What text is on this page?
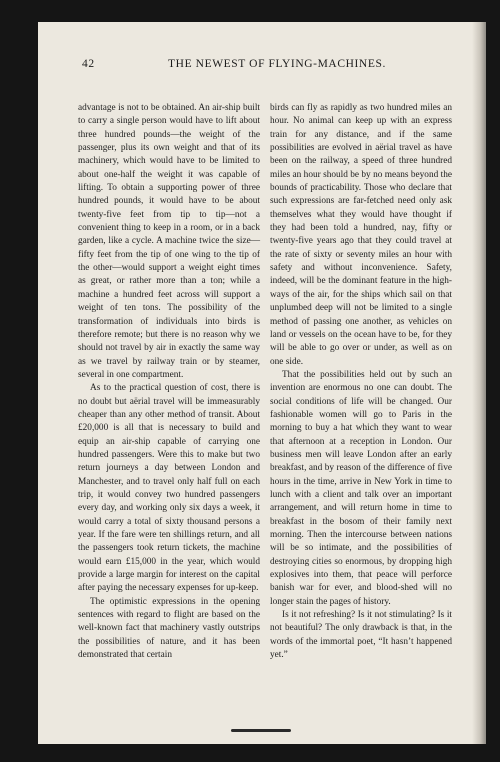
42	THE NEWEST OF FLYING-MACHINES.

advantage is not to be obtained. An air-ship built to carry a single person would have to lift about three hundred pounds—the weight of the passenger, plus its own weight and that of its machinery, which would have to be limited to about one-half the weight it was capable of lifting. To obtain a supporting power of three hundred pounds, it would have to be about twenty-five feet from tip to tip—not a convenient thing to keep in a room, or in a back garden, like a cycle. A machine twice the size—fifty feet from the tip of one wing to the tip of the other—would support a weight eight times as great, or rather more than a ton; while a machine a hundred feet across will support a weight of ten tons. The possibility of the transformation of individuals into birds is therefore remote; but there is no reason why we should not travel by air in exactly the same way as we travel by railway train or by steamer, several in one compartment.

As to the practical question of cost, there is no doubt but aërial travel will be immeasurably cheaper than any other method of transit. About £20,000 is all that is necessary to build and equip an air-ship capable of carrying one hundred passengers. Were this to make but two return journeys a day between London and Manchester, and to travel only half full on each trip, it would convey two hundred passengers every day, and working only six days a week, it would carry a total of sixty thousand persons a year. If the fare were ten shillings return, and all the passengers took return tickets, the machine would earn £15,000 in the year, which would provide a large margin for interest on the capital after paying the necessary expenses for up-keep.

The optimistic expressions in the opening sentences with regard to flight are based on the well-known fact that machinery vastly outstrips the possibilities of nature, and it has been demonstrated that certain

birds can fly as rapidly as two hundred miles an hour. No animal can keep up with an express train for any distance, and if the same possibilities are evolved in aërial travel as have been on the railway, a speed of three hundred miles an hour should be by no means beyond the bounds of practicability. Those who declare that such expressions are far-fetched need only ask themselves what they would have thought if they had been told a hundred, nay, fifty or twenty-five years ago that they could travel at the rate of sixty or seventy miles an hour with safety and without inconvenience. Safety, indeed, will be the dominant feature in the high-ways of the air, for the ships which sail on that unplumbed deep will not be limited to a single method of passing one another, as vehicles on land or vessels on the ocean have to be, for they will be able to go over or under, as well as on one side.

That the possibilities held out by such an invention are enormous no one can doubt. The social conditions of life will be changed. Our fashionable women will go to Paris in the morning to buy a hat which they want to wear that afternoon at a reception in London. Our business men will leave London after an early breakfast, and by reason of the difference of five hours in the time, arrive in New York in time to lunch with a client and talk over an important arrangement, and will return home in time to breakfast in the bosom of their family next morning. Then the intercourse between nations will be so intimate, and the possibilities of destroying cities so enormous, by dropping high explosives into them, that peace will perforce banish war for ever, and blood-shed will no longer stain the pages of history.

Is it not refreshing? Is it not stimulating? Is it not beautiful? The only drawback is that, in the words of the immortal poet, “It hasn’t happened yet.”
